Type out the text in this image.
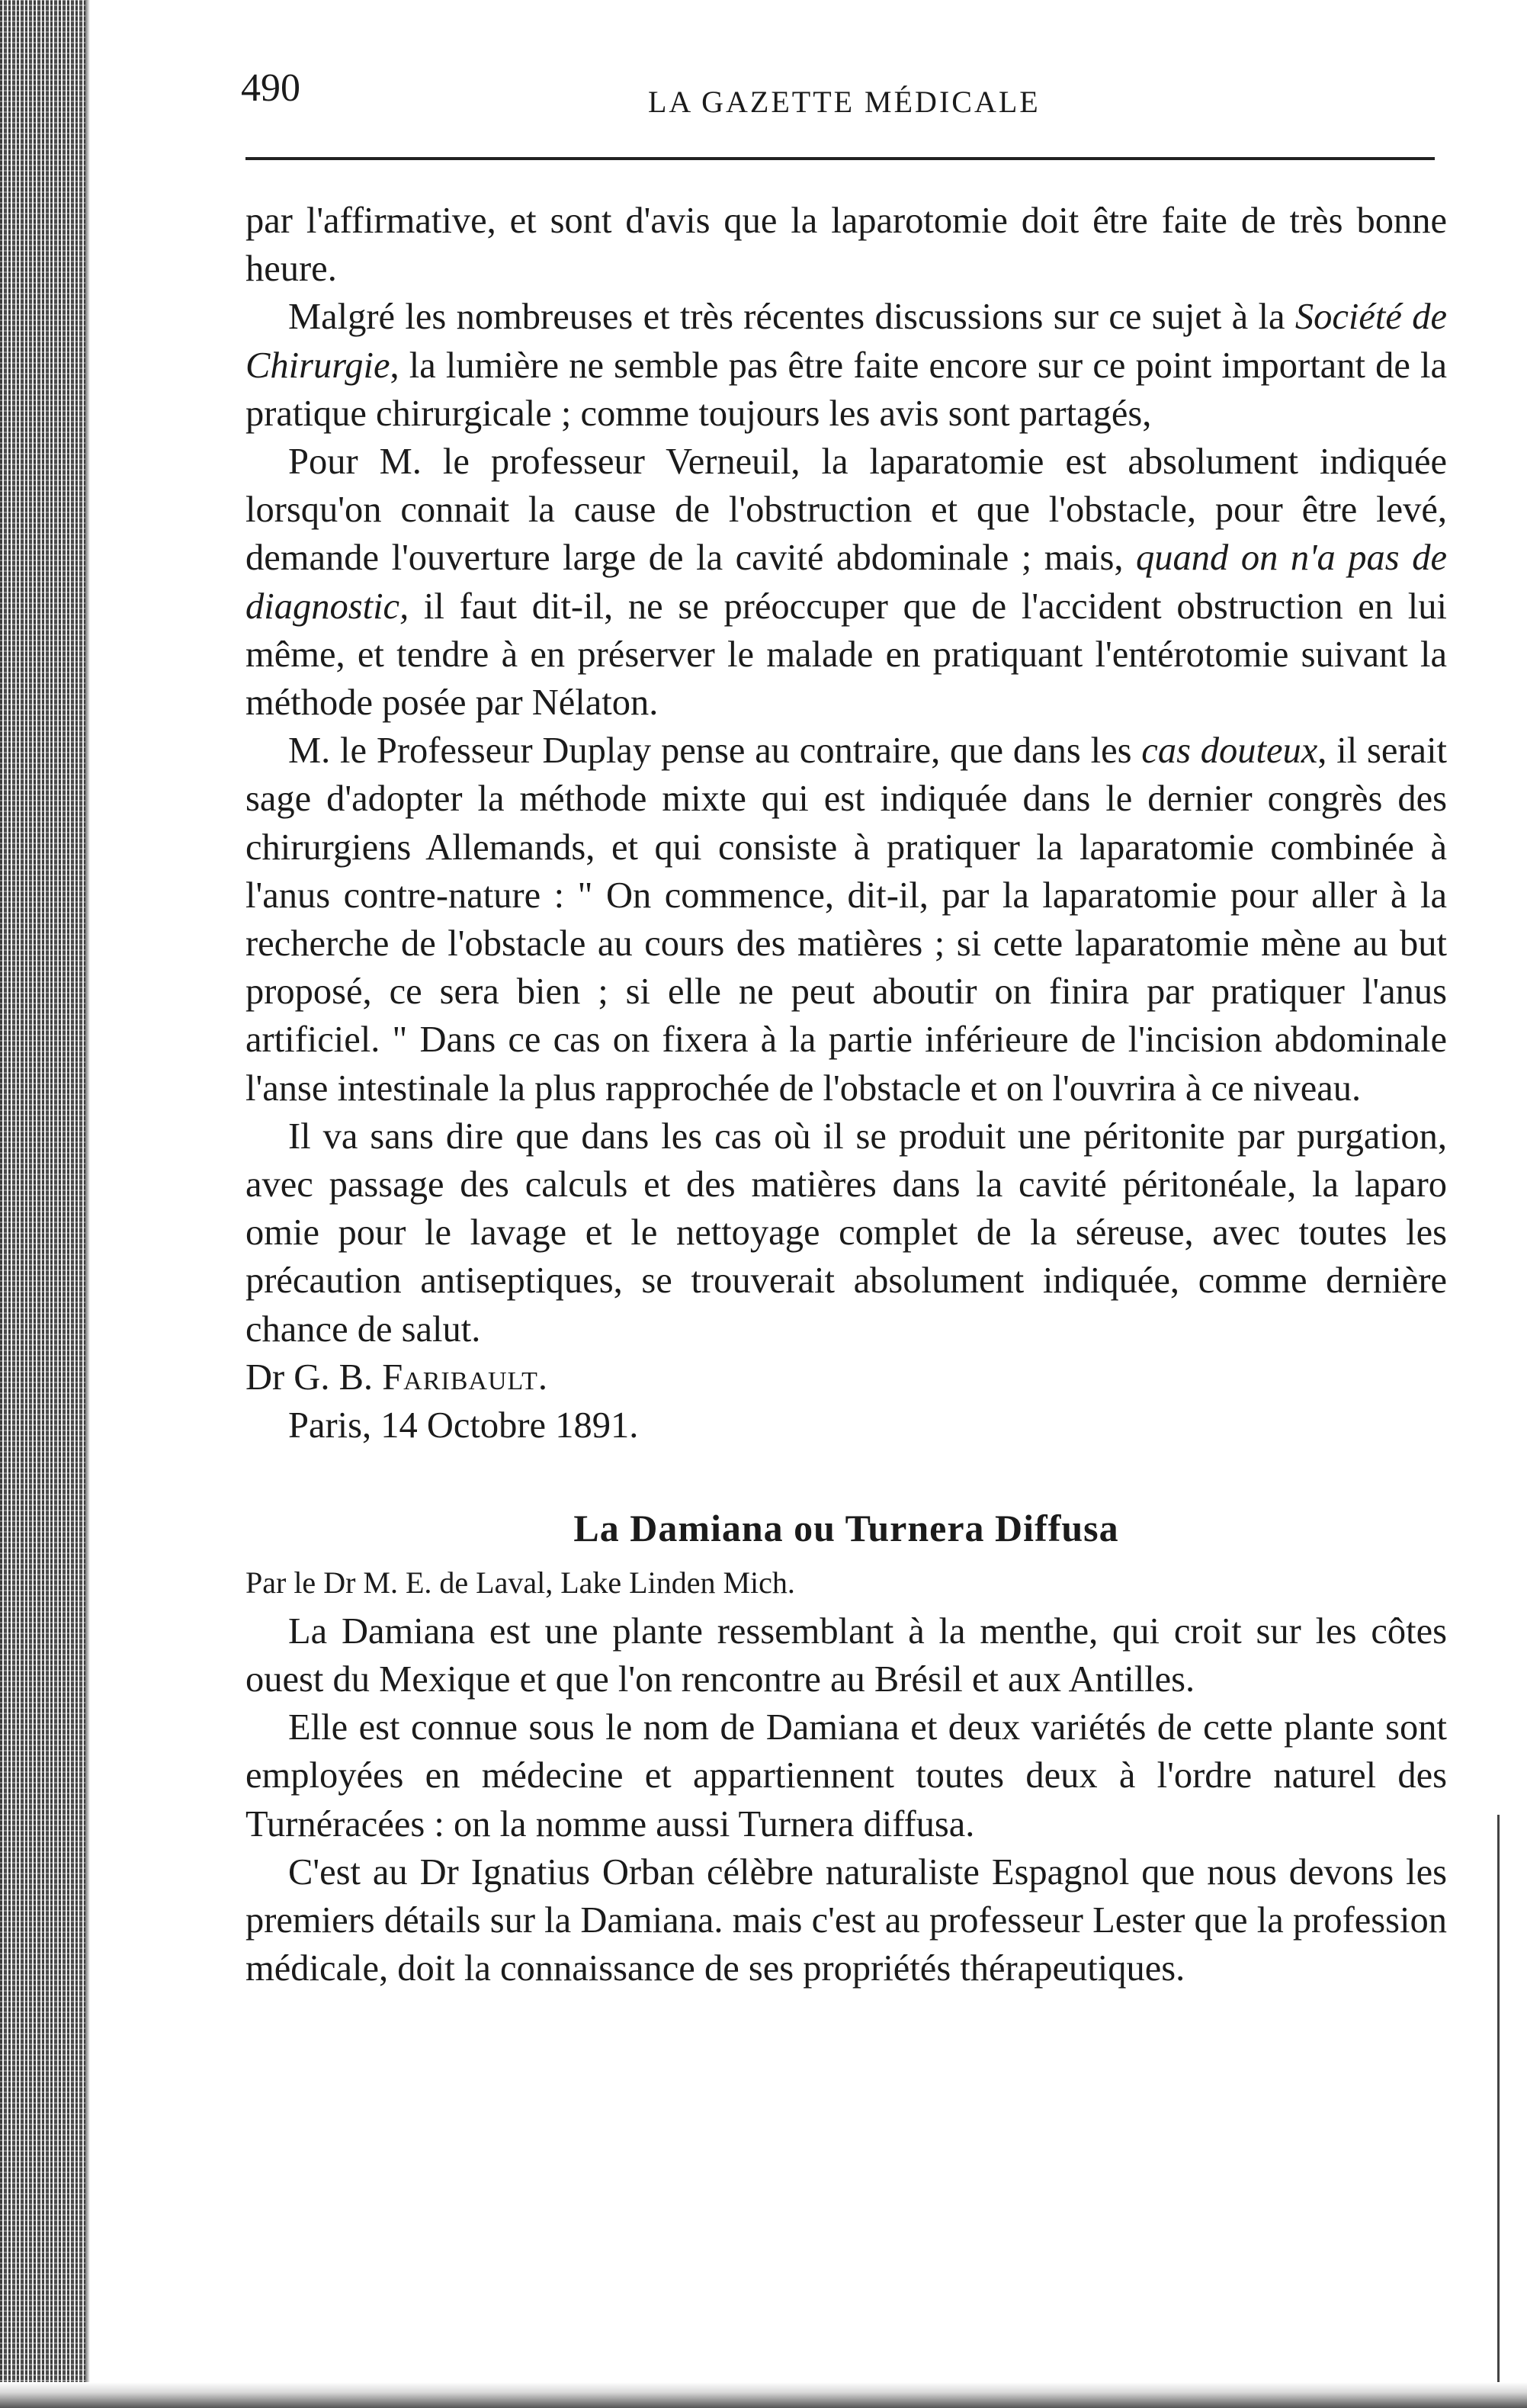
490	LA GAZETTE MÉDICALE

par l'affirmative, et sont d'avis que la laparotomie doit être faite de très bonne heure.

Malgré les nombreuses et très récentes discussions sur ce sujet à la Société de Chirurgie, la lumière ne semble pas être faite encore sur ce point important de la pratique chirurgicale ; comme toujours les avis sont partagés,

Pour M. le professeur Verneuil, la laparatomie est absolument indiquée lorsqu'on connait la cause de l'obstruction et que l'obstacle, pour être levé, demande l'ouverture large de la cavité abdominale ; mais, quand on n'a pas de diagnostic, il faut dit-il, ne se préoccuper que de l'accident obstruction en lui même, et tendre à en préserver le malade en pratiquant l'entérotomie suivant la méthode posée par Nélaton.

M. le Professeur Duplay pense au contraire, que dans les cas douteux, il serait sage d'adopter la méthode mixte qui est indiquée dans le dernier congrès des chirurgiens Allemands, et qui consiste à pratiquer la laparatomie combinée à l'anus contre-nature : " On commence, dit-il, par la laparatomie pour aller à la recherche de l'obstacle au cours des matières ; si cette laparatomie mène au but proposé, ce sera bien ; si elle ne peut aboutir on finira par pratiquer l'anus artificiel. " Dans ce cas on fixera à la partie inférieure de l'incision abdominale l'anse intestinale la plus rapprochée de l'obstacle et on l'ouvrira à ce niveau.

Il va sans dire que dans les cas où il se produit une péritonite par purgation, avec passage des calculs et des matières dans la cavité péritonéale, la laparo omie pour le lavage et le nettoyage complet de la séreuse, avec toutes les précaution antiseptiques, se trouverait absolument indiquée, comme dernière chance de salut.

Dr G. B. Faribault.

Paris, 14 Octobre 1891.

La Damiana ou Turnera Diffusa

Par le Dr M. E. de Laval, Lake Linden Mich.

La Damiana est une plante ressemblant à la menthe, qui croit sur les côtes ouest du Mexique et que l'on rencontre au Brésil et aux Antilles.

Elle est connue sous le nom de Damiana et deux variétés de cette plante sont employées en médecine et appartiennent toutes deux à l'ordre naturel des Turnéracées : on la nomme aussi Turnera diffusa.

C'est au Dr Ignatius Orban célèbre naturaliste Espagnol que nous devons les premiers détails sur la Damiana. mais c'est au professeur Lester que la profession médicale, doit la connaissance de ses propriétés thérapeutiques.
